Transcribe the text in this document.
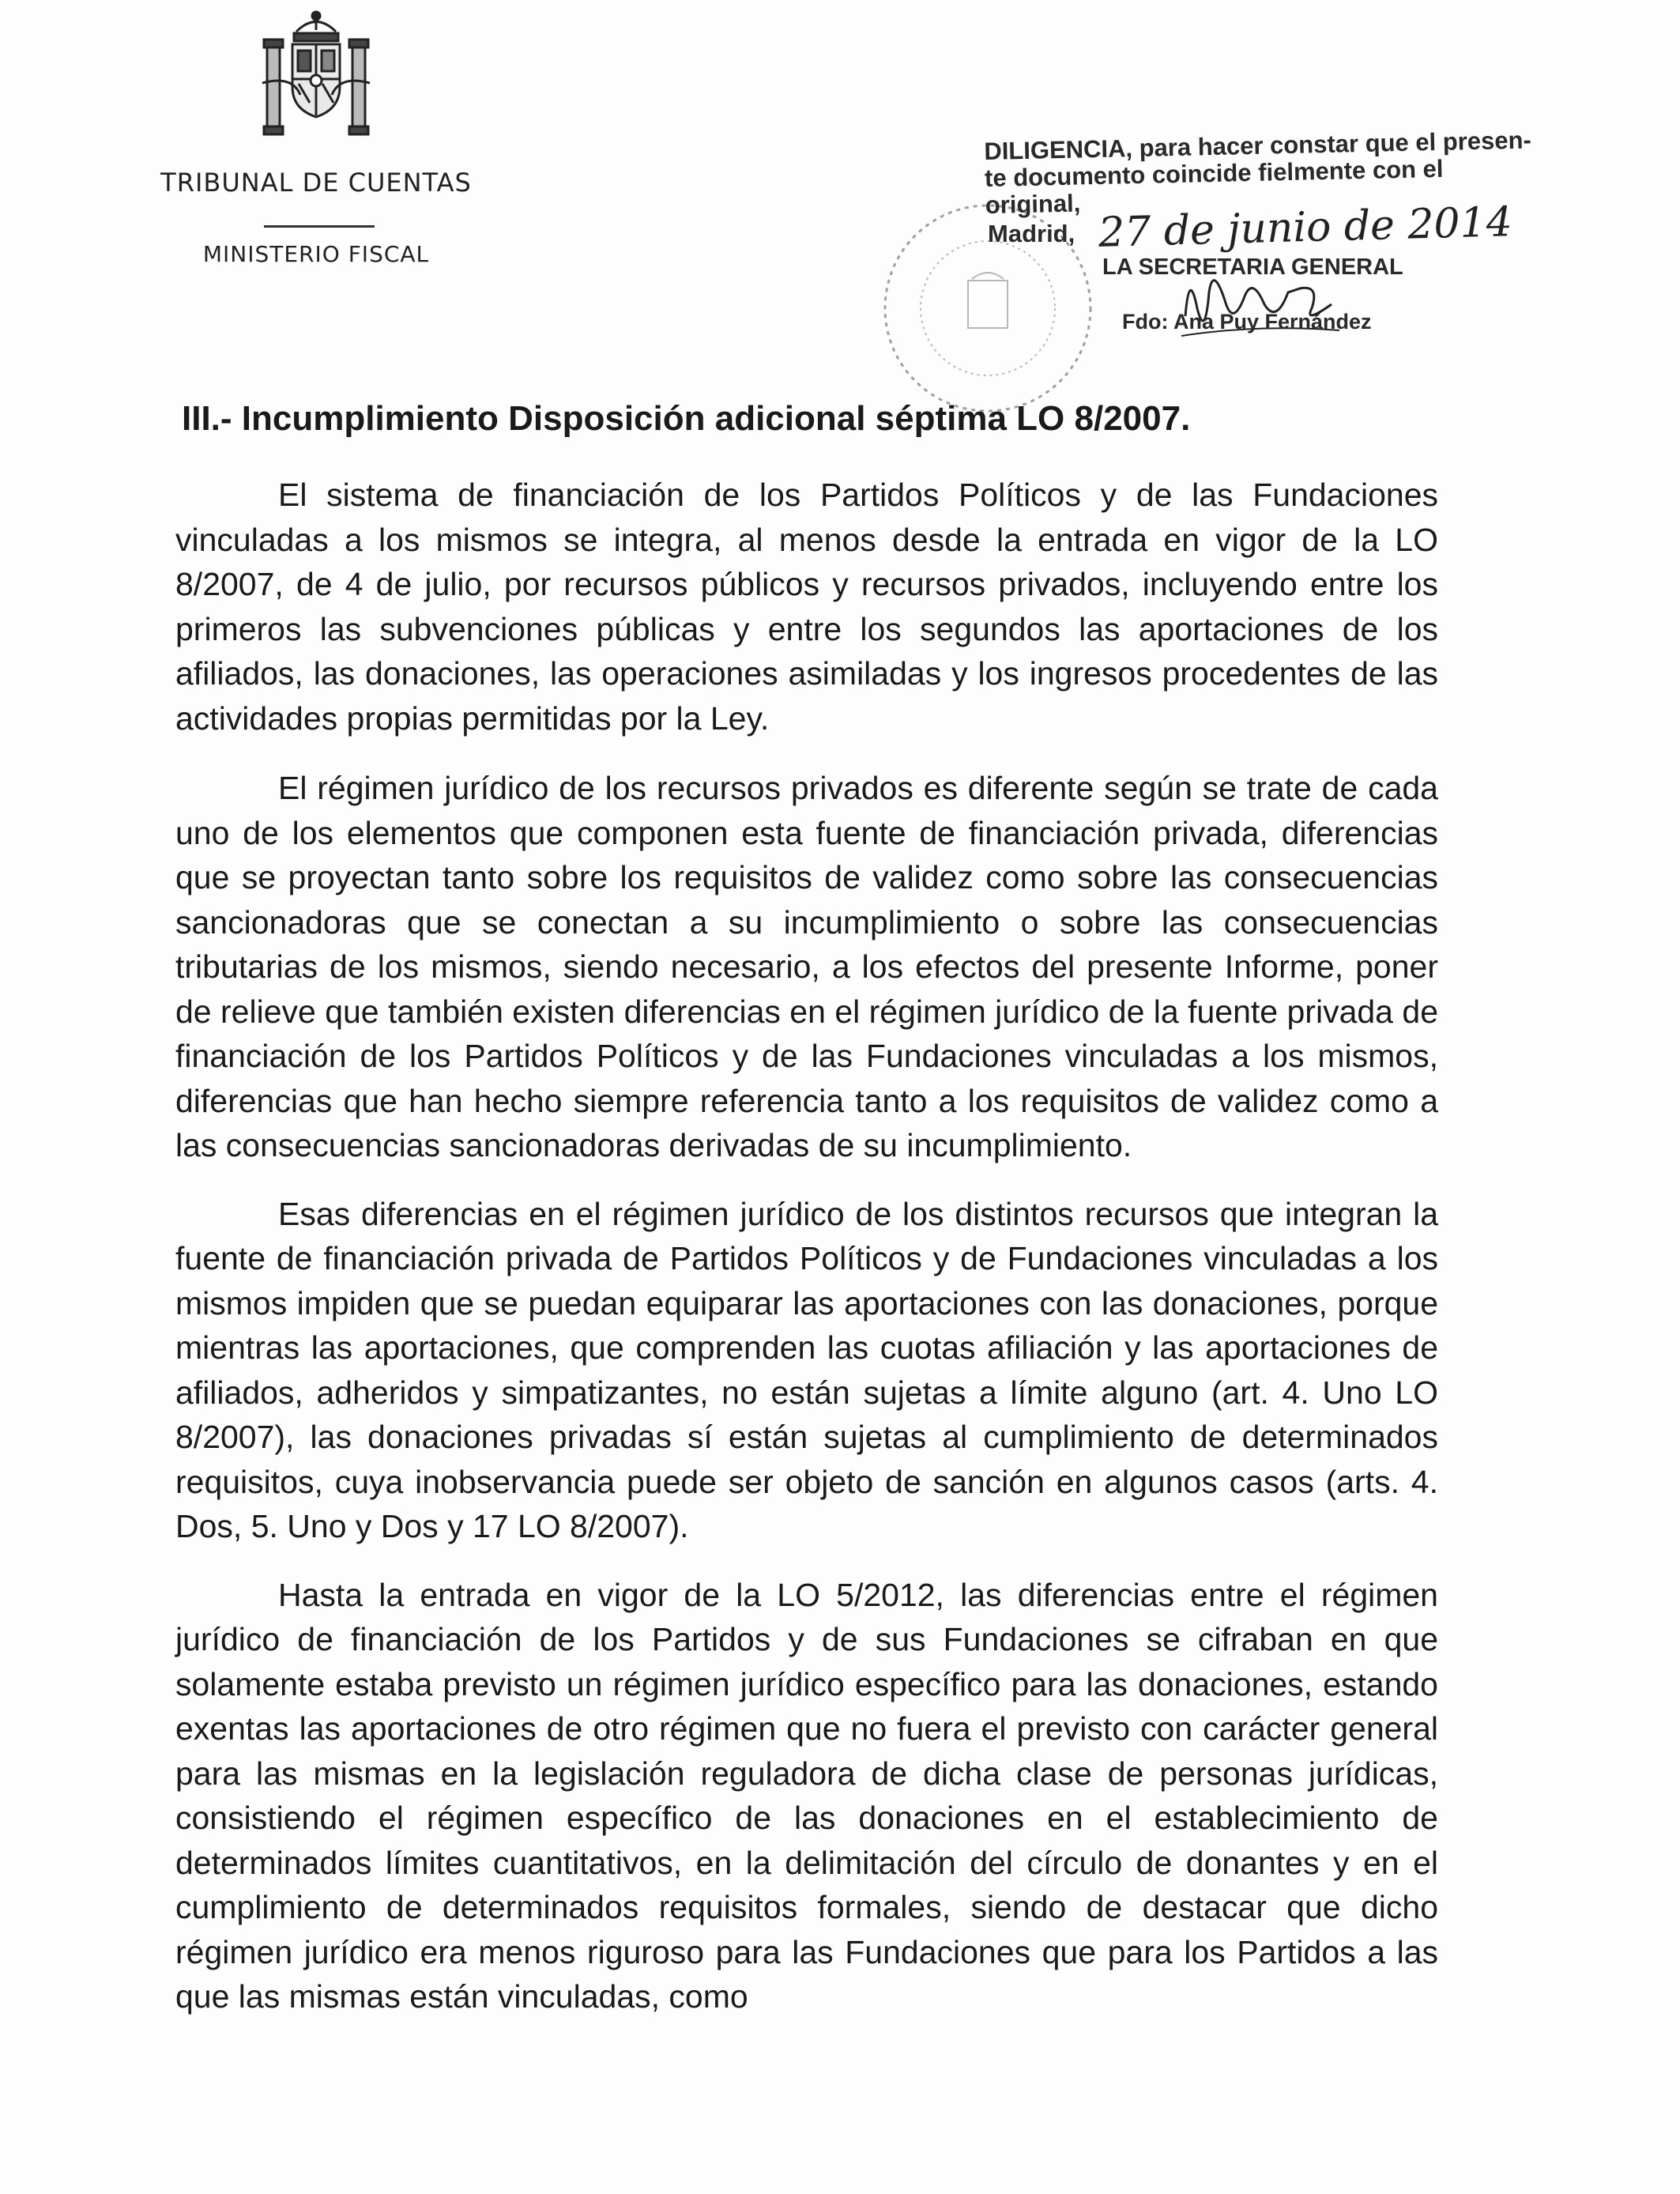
TRIBUNAL DE CUENTAS
MINISTERIO FISCAL
DILIGENCIA, para hacer constar que el presen-
te documento coincide fielmente con el
original,
Madrid, 27 de junio de 2014
LA SECRETARIA GENERAL
Fdo: Ana Puy Fernández
III.- Incumplimiento Disposición adicional séptima LO 8/2007.

El sistema de financiación de los Partidos Políticos y de las Fundaciones vinculadas a los mismos se integra, al menos desde la entrada en vigor de la LO 8/2007, de 4 de julio, por recursos públicos y recursos privados, incluyendo entre los primeros las subvenciones públicas y entre los segundos las aportaciones de los afiliados, las donaciones, las operaciones asimiladas y los ingresos procedentes de las actividades propias permitidas por la Ley.

El régimen jurídico de los recursos privados es diferente según se trate de cada uno de los elementos que componen esta fuente de financiación privada, diferencias que se proyectan tanto sobre los requisitos de validez como sobre las consecuencias sancionadoras que se conectan a su incumplimiento o sobre las consecuencias tributarias de los mismos, siendo necesario, a los efectos del presente Informe, poner de relieve que también existen diferencias en el régimen jurídico de la fuente privada de financiación de los Partidos Políticos y de las Fundaciones vinculadas a los mismos, diferencias que han hecho siempre referencia tanto a los requisitos de validez como a las consecuencias sancionadoras derivadas de su incumplimiento.

Esas diferencias en el régimen jurídico de los distintos recursos que integran la fuente de financiación privada de Partidos Políticos y de Fundaciones vinculadas a los mismos impiden que se puedan equiparar las aportaciones con las donaciones, porque mientras las aportaciones, que comprenden las cuotas afiliación y las aportaciones de afiliados, adheridos y simpatizantes, no están sujetas a límite alguno (art. 4. Uno LO 8/2007), las donaciones privadas sí están sujetas al cumplimiento de determinados requisitos, cuya inobservancia puede ser objeto de sanción en algunos casos (arts. 4. Dos, 5. Uno y Dos y 17 LO 8/2007).

Hasta la entrada en vigor de la LO 5/2012, las diferencias entre el régimen jurídico de financiación de los Partidos y de sus Fundaciones se cifraban en que solamente estaba previsto un régimen jurídico específico para las donaciones, estando exentas las aportaciones de otro régimen que no fuera el previsto con carácter general para las mismas en la legislación reguladora de dicha clase de personas jurídicas, consistiendo el régimen específico de las donaciones en el establecimiento de determinados límites cuantitativos, en la delimitación del círculo de donantes y en el cumplimiento de determinados requisitos formales, siendo de destacar que dicho régimen jurídico era menos riguroso para las Fundaciones que para los Partidos a las que las mismas están vinculadas, como
